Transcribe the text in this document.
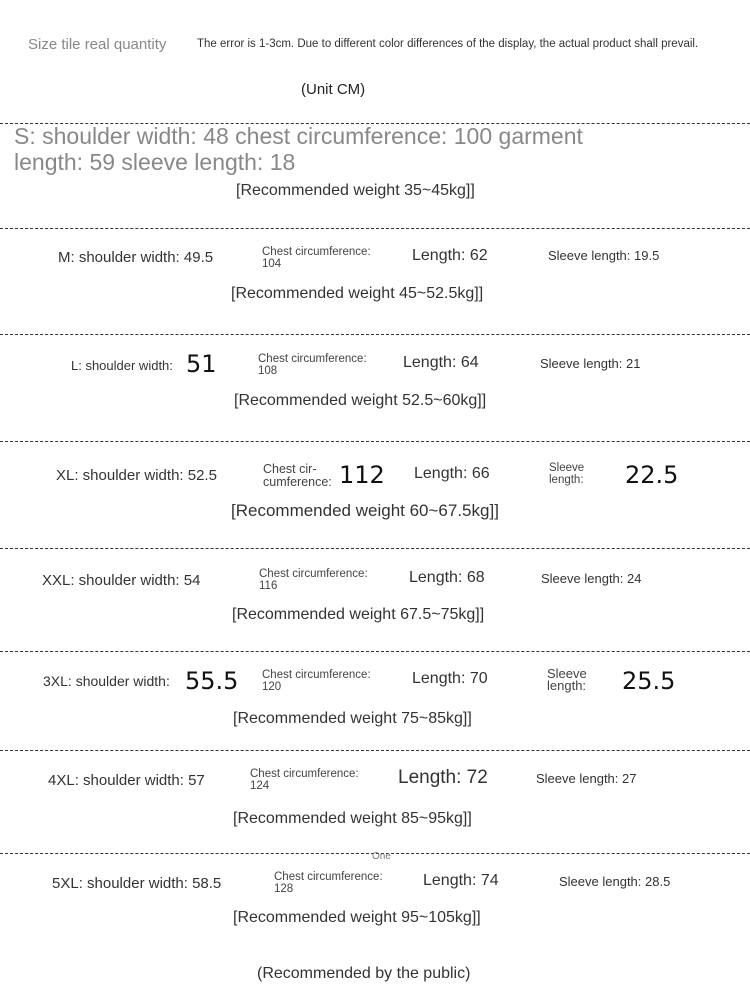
Size tile real quantity	The error is 1-3cm. Due to different color differences of the display, the actual product shall prevail.
(Unit CM)
S: shoulder width: 48 chest circumference: 100 garment
length: 59 sleeve length: 18
[Recommended weight 35~45kg]]
M: shoulder width: 49.5	Chest circumference:
104	Length: 62	Sleeve length: 19.5
[Recommended weight 45~52.5kg]]
L: shoulder width: 51	Chest circumference:
108	Length: 64	Sleeve length: 21
[Recommended weight 52.5~60kg]]
XL: shoulder width: 52.5	Chest cir-
cumference: 112 Length: 66	Sleeve
length: 22.5
[Recommended weight 60~67.5kg]]
XXL: shoulder width: 54	Chest circumference:
116	Length: 68	Sleeve length: 24
[Recommended weight 67.5~75kg]]
3XL: shoulder width: 55.5 Chest circumference:
120	Length: 70	Sleeve
length: 25.5
[Recommended weight 75~85kg]]
4XL: shoulder width: 57	Chest circumference:
124	Length: 72	Sleeve length: 27
[Recommended weight 85~95kg]]
One
5XL: shoulder width: 58.5	Chest circumference:
128	Length: 74	Sleeve length: 28.5
[Recommended weight 95~105kg]]
(Recommended by the public)
